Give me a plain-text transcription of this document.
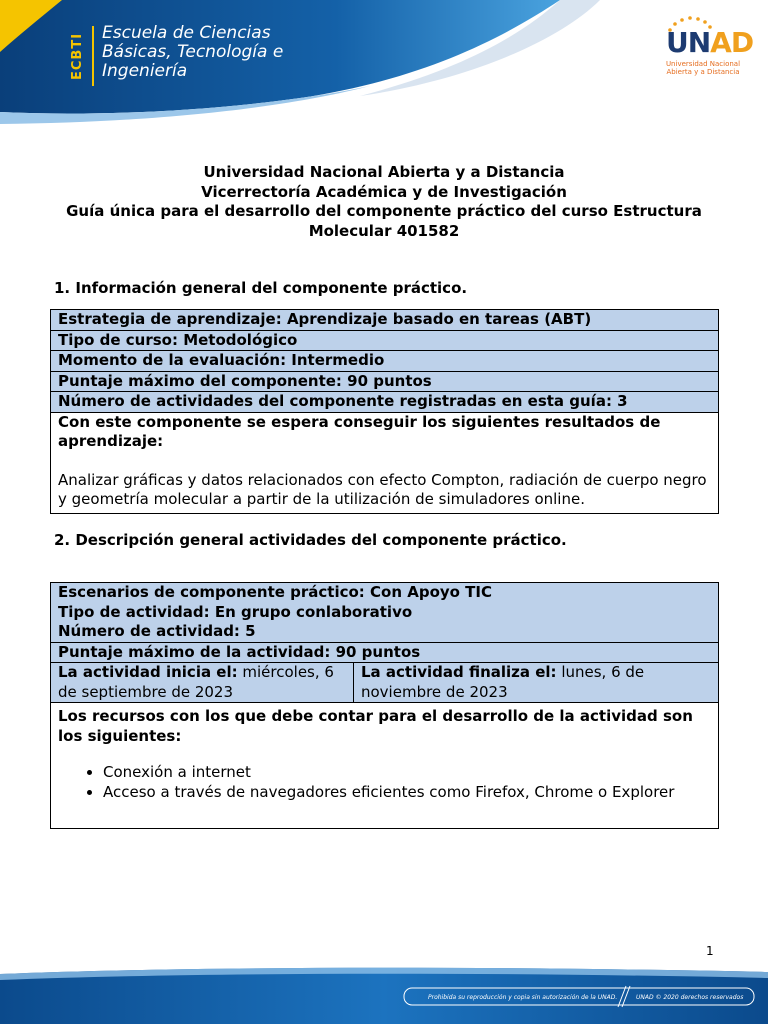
ECBTI	Escuela de Ciencias
Básicas, Tecnología e
Ingeniería
UNAD
Universidad Nacional
Abierta y a Distancia
Universidad Nacional Abierta y a Distancia
Vicerrectoría Académica y de Investigación
Guía única para el desarrollo del componente práctico del curso Estructura
Molecular 401582
1. Información general del componente práctico.
Estrategia de aprendizaje: Aprendizaje basado en tareas (ABT)
Tipo de curso: Metodológico
Momento de la evaluación: Intermedio
Puntaje máximo del componente: 90 puntos
Número de actividades del componente registradas en esta guía: 3
Con este componente se espera conseguir los siguientes resultados de
aprendizaje:
Analizar gráficas y datos relacionados con efecto Compton, radiación de cuerpo negro
y geometría molecular a partir de la utilización de simuladores online.
2. Descripción general actividades del componente práctico.
Escenarios de componente práctico: Con Apoyo TIC
Tipo de actividad: En grupo conlaborativo
Número de actividad: 5
Puntaje máximo de la actividad: 90 puntos
La actividad inicia el: miércoles, 6
de septiembre de 2023
La actividad finaliza el: lunes, 6 de
noviembre de 2023
Los recursos con los que debe contar para el desarrollo de la actividad son
los siguientes:
• Conexión a internet
• Acceso a través de navegadores eficientes como Firefox, Chrome o Explorer
1
Prohibida su reproducción y copia sin autorización de la UNAD.	UNAD © 2020 derechos reservados
